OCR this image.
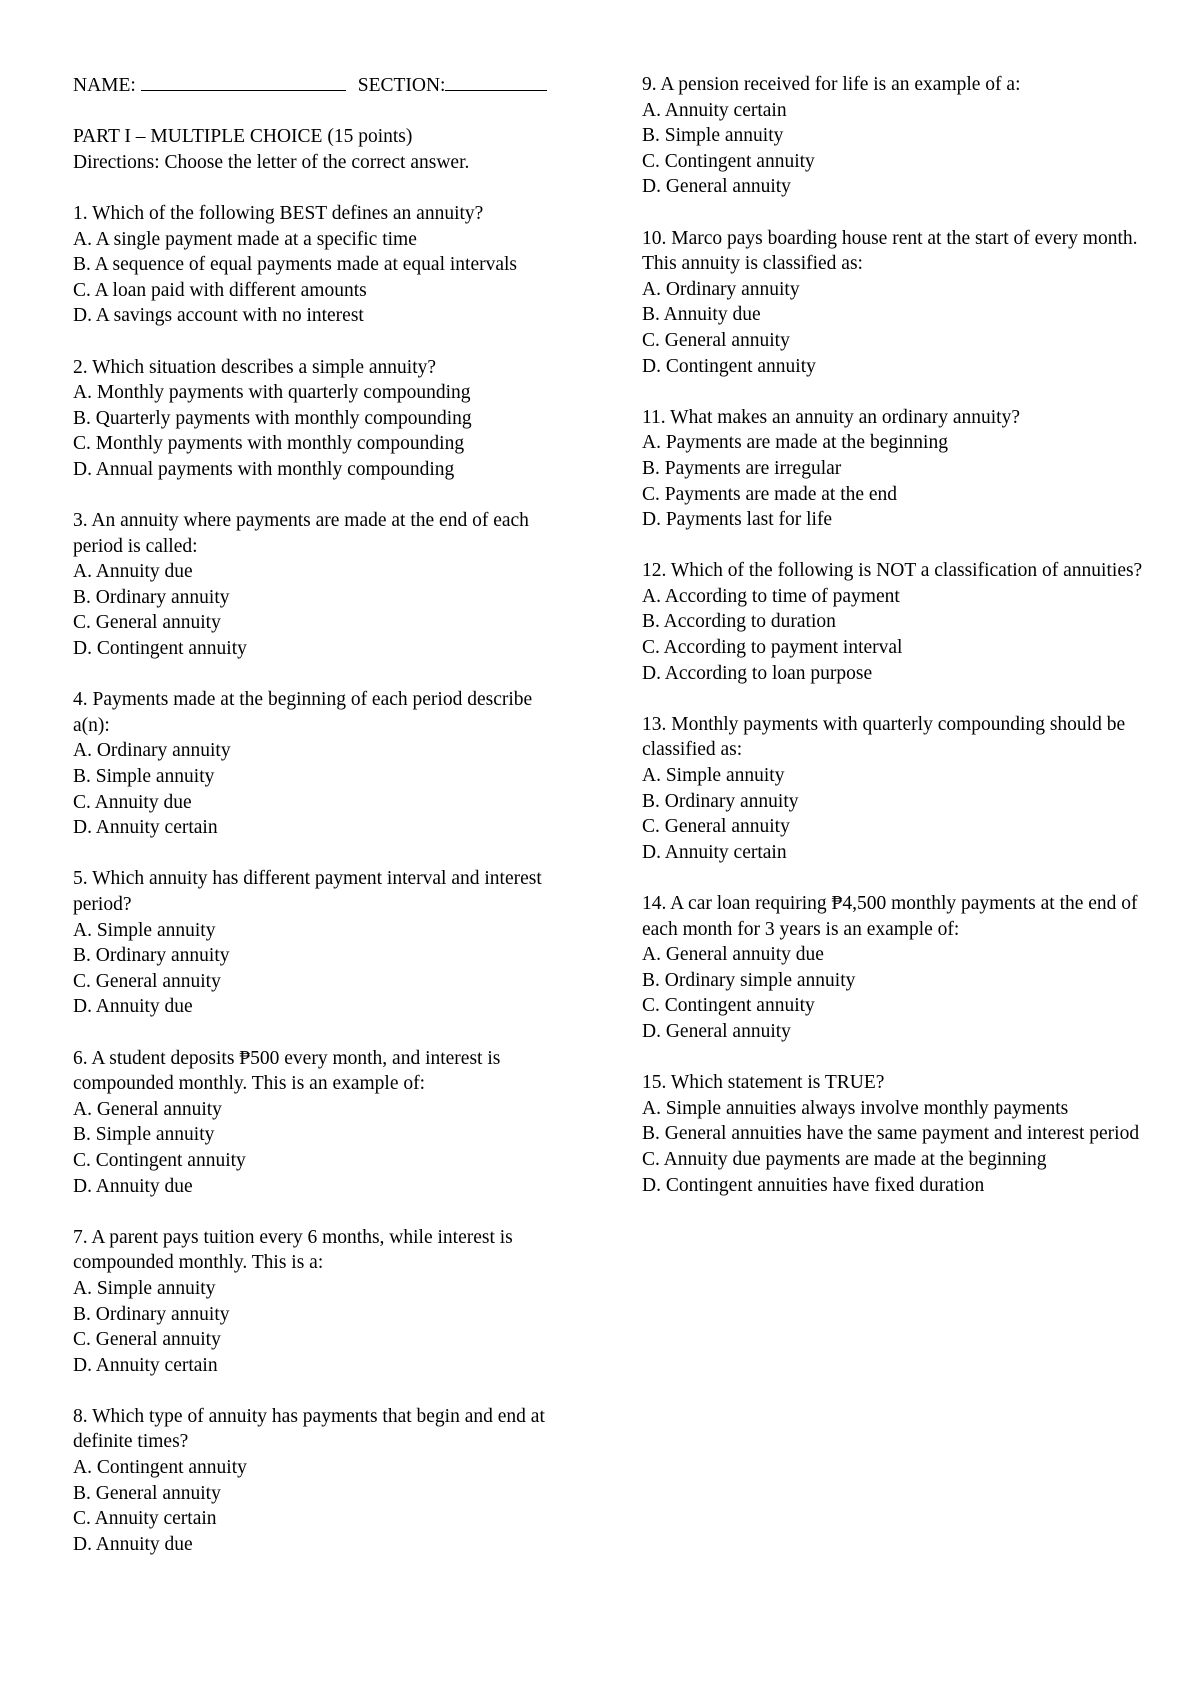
NAME:	SECTION:
PART I – MULTIPLE CHOICE (15 points)
Directions: Choose the letter of the correct answer.
1. Which of the following BEST defines an annuity?
A. A single payment made at a specific time
B. A sequence of equal payments made at equal intervals
C. A loan paid with different amounts
D. A savings account with no interest
2. Which situation describes a simple annuity?
A. Monthly payments with quarterly compounding
B. Quarterly payments with monthly compounding
C. Monthly payments with monthly compounding
D. Annual payments with monthly compounding
3. An annuity where payments are made at the end of each period is called:
A. Annuity due
B. Ordinary annuity
C. General annuity
D. Contingent annuity
4. Payments made at the beginning of each period describe a(n):
A. Ordinary annuity
B. Simple annuity
C. Annuity due
D. Annuity certain
5. Which annuity has different payment interval and interest period?
A. Simple annuity
B. Ordinary annuity
C. General annuity
D. Annuity due
6. A student deposits ₱500 every month, and interest is compounded monthly. This is an example of:
A. General annuity
B. Simple annuity
C. Contingent annuity
D. Annuity due
7. A parent pays tuition every 6 months, while interest is compounded monthly. This is a:
A. Simple annuity
B. Ordinary annuity
C. General annuity
D. Annuity certain
8. Which type of annuity has payments that begin and end at definite times?
A. Contingent annuity
B. General annuity
C. Annuity certain
D. Annuity due
9. A pension received for life is an example of a:
A. Annuity certain
B. Simple annuity
C. Contingent annuity
D. General annuity
10. Marco pays boarding house rent at the start of every month. This annuity is classified as:
A. Ordinary annuity
B. Annuity due
C. General annuity
D. Contingent annuity
11. What makes an annuity an ordinary annuity?
A. Payments are made at the beginning
B. Payments are irregular
C. Payments are made at the end
D. Payments last for life
12. Which of the following is NOT a classification of annuities?
A. According to time of payment
B. According to duration
C. According to payment interval
D. According to loan purpose
13. Monthly payments with quarterly compounding should be classified as:
A. Simple annuity
B. Ordinary annuity
C. General annuity
D. Annuity certain
14. A car loan requiring ₱4,500 monthly payments at the end of each month for 3 years is an example of:
A. General annuity due
B. Ordinary simple annuity
C. Contingent annuity
D. General annuity
15. Which statement is TRUE?
A. Simple annuities always involve monthly payments
B. General annuities have the same payment and interest period
C. Annuity due payments are made at the beginning
D. Contingent annuities have fixed duration
